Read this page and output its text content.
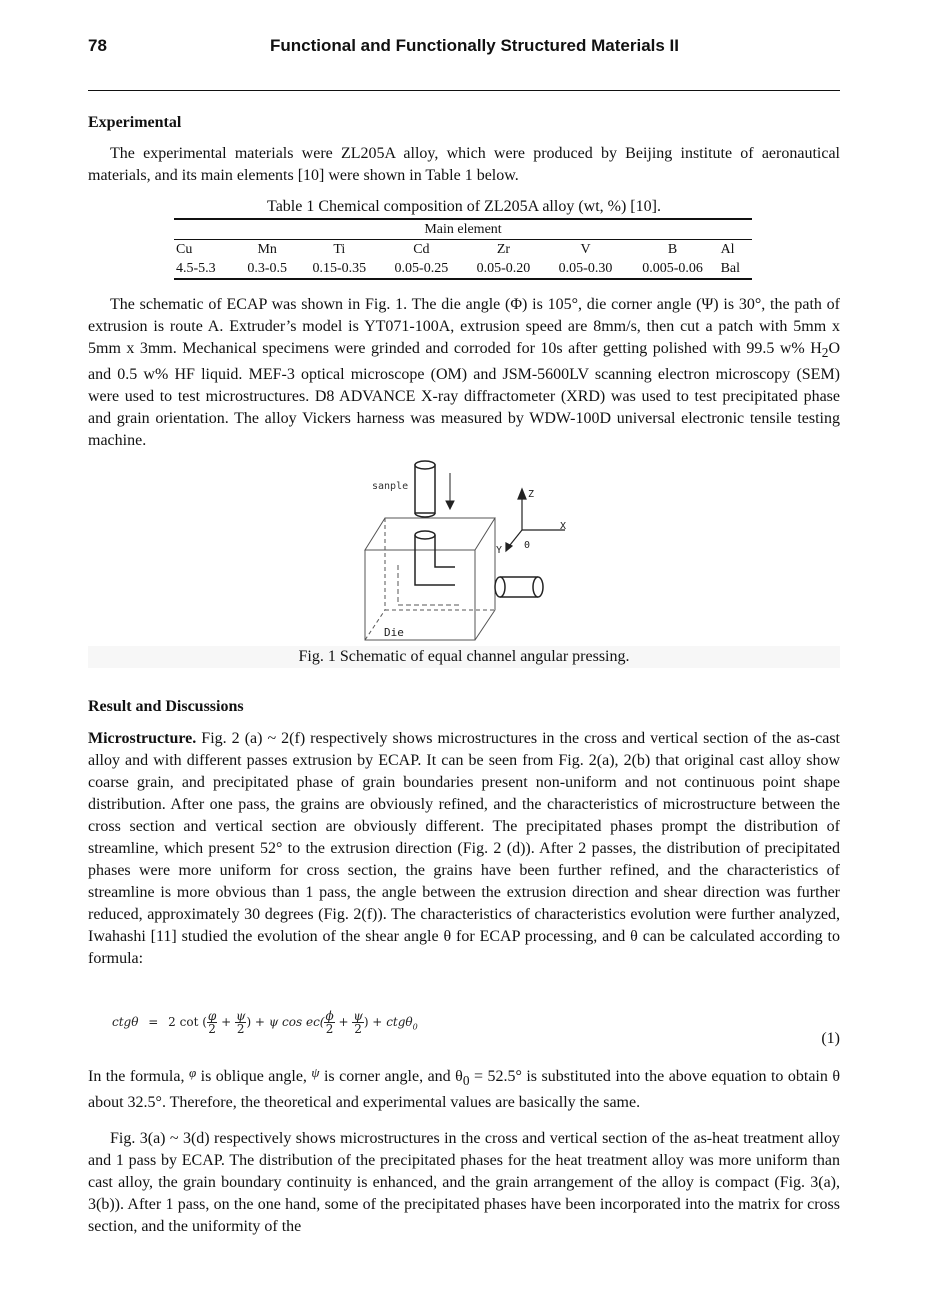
78	Functional and Functionally Structured Materials II
Experimental

The experimental materials were ZL205A alloy, which were produced by Beijing institute of aeronautical materials, and its main elements [10] were shown in Table 1 below.

Table 1 Chemical composition of ZL205A alloy (wt, %) [10].
Main element							
Cu	Mn	Ti	Cd	Zr	V	B	Al
4.5-5.3	0.3-0.5	0.15-0.35	0.05-0.25	0.05-0.20	0.05-0.30	0.005-0.06	Bal

The schematic of ECAP was shown in Fig. 1. The die angle (Φ) is 105°, die corner angle (Ψ) is 30°, the path of extrusion is route A. Extruder’s model is YT071-100A, extrusion speed are 8mm/s, then cut a patch with 5mm x 5mm x 3mm. Mechanical specimens were grinded and corroded for 10s after getting polished with 99.5 w% $H_2O$ and 0.5 w% HF liquid. MEF-3 optical microscope (OM) and JSM-5600LV scanning electron microscopy (SEM) were used to test microstructures. D8 ADVANCE X-ray diffractometer (XRD) was used to test precipitated phase and grain orientation. The alloy Vickers harness was measured by WDW-100D universal electronic tensile testing machine.

sanple
Die
Z
X
Y 0
Fig. 1 Schematic of equal channel angular pressing.
Result and Discussions

Microstructure. Fig. 2 (a) ~ 2(f) respectively shows microstructures in the cross and vertical section of the as-cast alloy and with different passes extrusion by ECAP. It can be seen from Fig. 2(a), 2(b) that original cast alloy show coarse grain, and precipitated phase of grain boundaries present non-uniform and not continuous point shape distribution. After one pass, the grains are obviously refined, and the characteristics of microstructure between the cross section and vertical section are obviously different. The precipitated phases prompt the distribution of streamline, which present 52° to the extrusion direction (Fig. 2 (d)). After 2 passes, the distribution of precipitated phases were more uniform for cross section, the grains have been further refined, and the characteristics of streamline is more obvious than 1 pass, the angle between the extrusion direction and shear direction was further reduced, approximately 30 degrees (Fig. 2(f)). The characteristics of characteristics evolution were further analyzed, Iwahashi [11] studied the evolution of the shear angle θ for ECAP processing, and θ can be calculated according to formula:

ctgθ = 2 cot ( $\frac{\varphi}{2} + \frac{\psi}{2}$ ) + ψ $\cos ec( \frac{\phi}{2} + \frac{\psi}{2}$ ) + ctgθ$_0$
(1)

In the formula, $^\varphi$ is oblique angle, $^\psi$ is corner angle, and $\theta_0 = 52.5^\circ$ is substituted into the above equation to obtain θ about 32.5°. Therefore, the theoretical and experimental values are basically the same.

Fig. 3(a) ~ 3(d) respectively shows microstructures in the cross and vertical section of the as-heat treatment alloy and 1 pass by ECAP. The distribution of the precipitated phases for the heat treatment alloy was more uniform than cast alloy, the grain boundary continuity is enhanced, and the grain arrangement of the alloy is compact (Fig. 3(a), 3(b)). After 1 pass, on the one hand, some of the precipitated phases have been incorporated into the matrix for cross section, and the uniformity of the
